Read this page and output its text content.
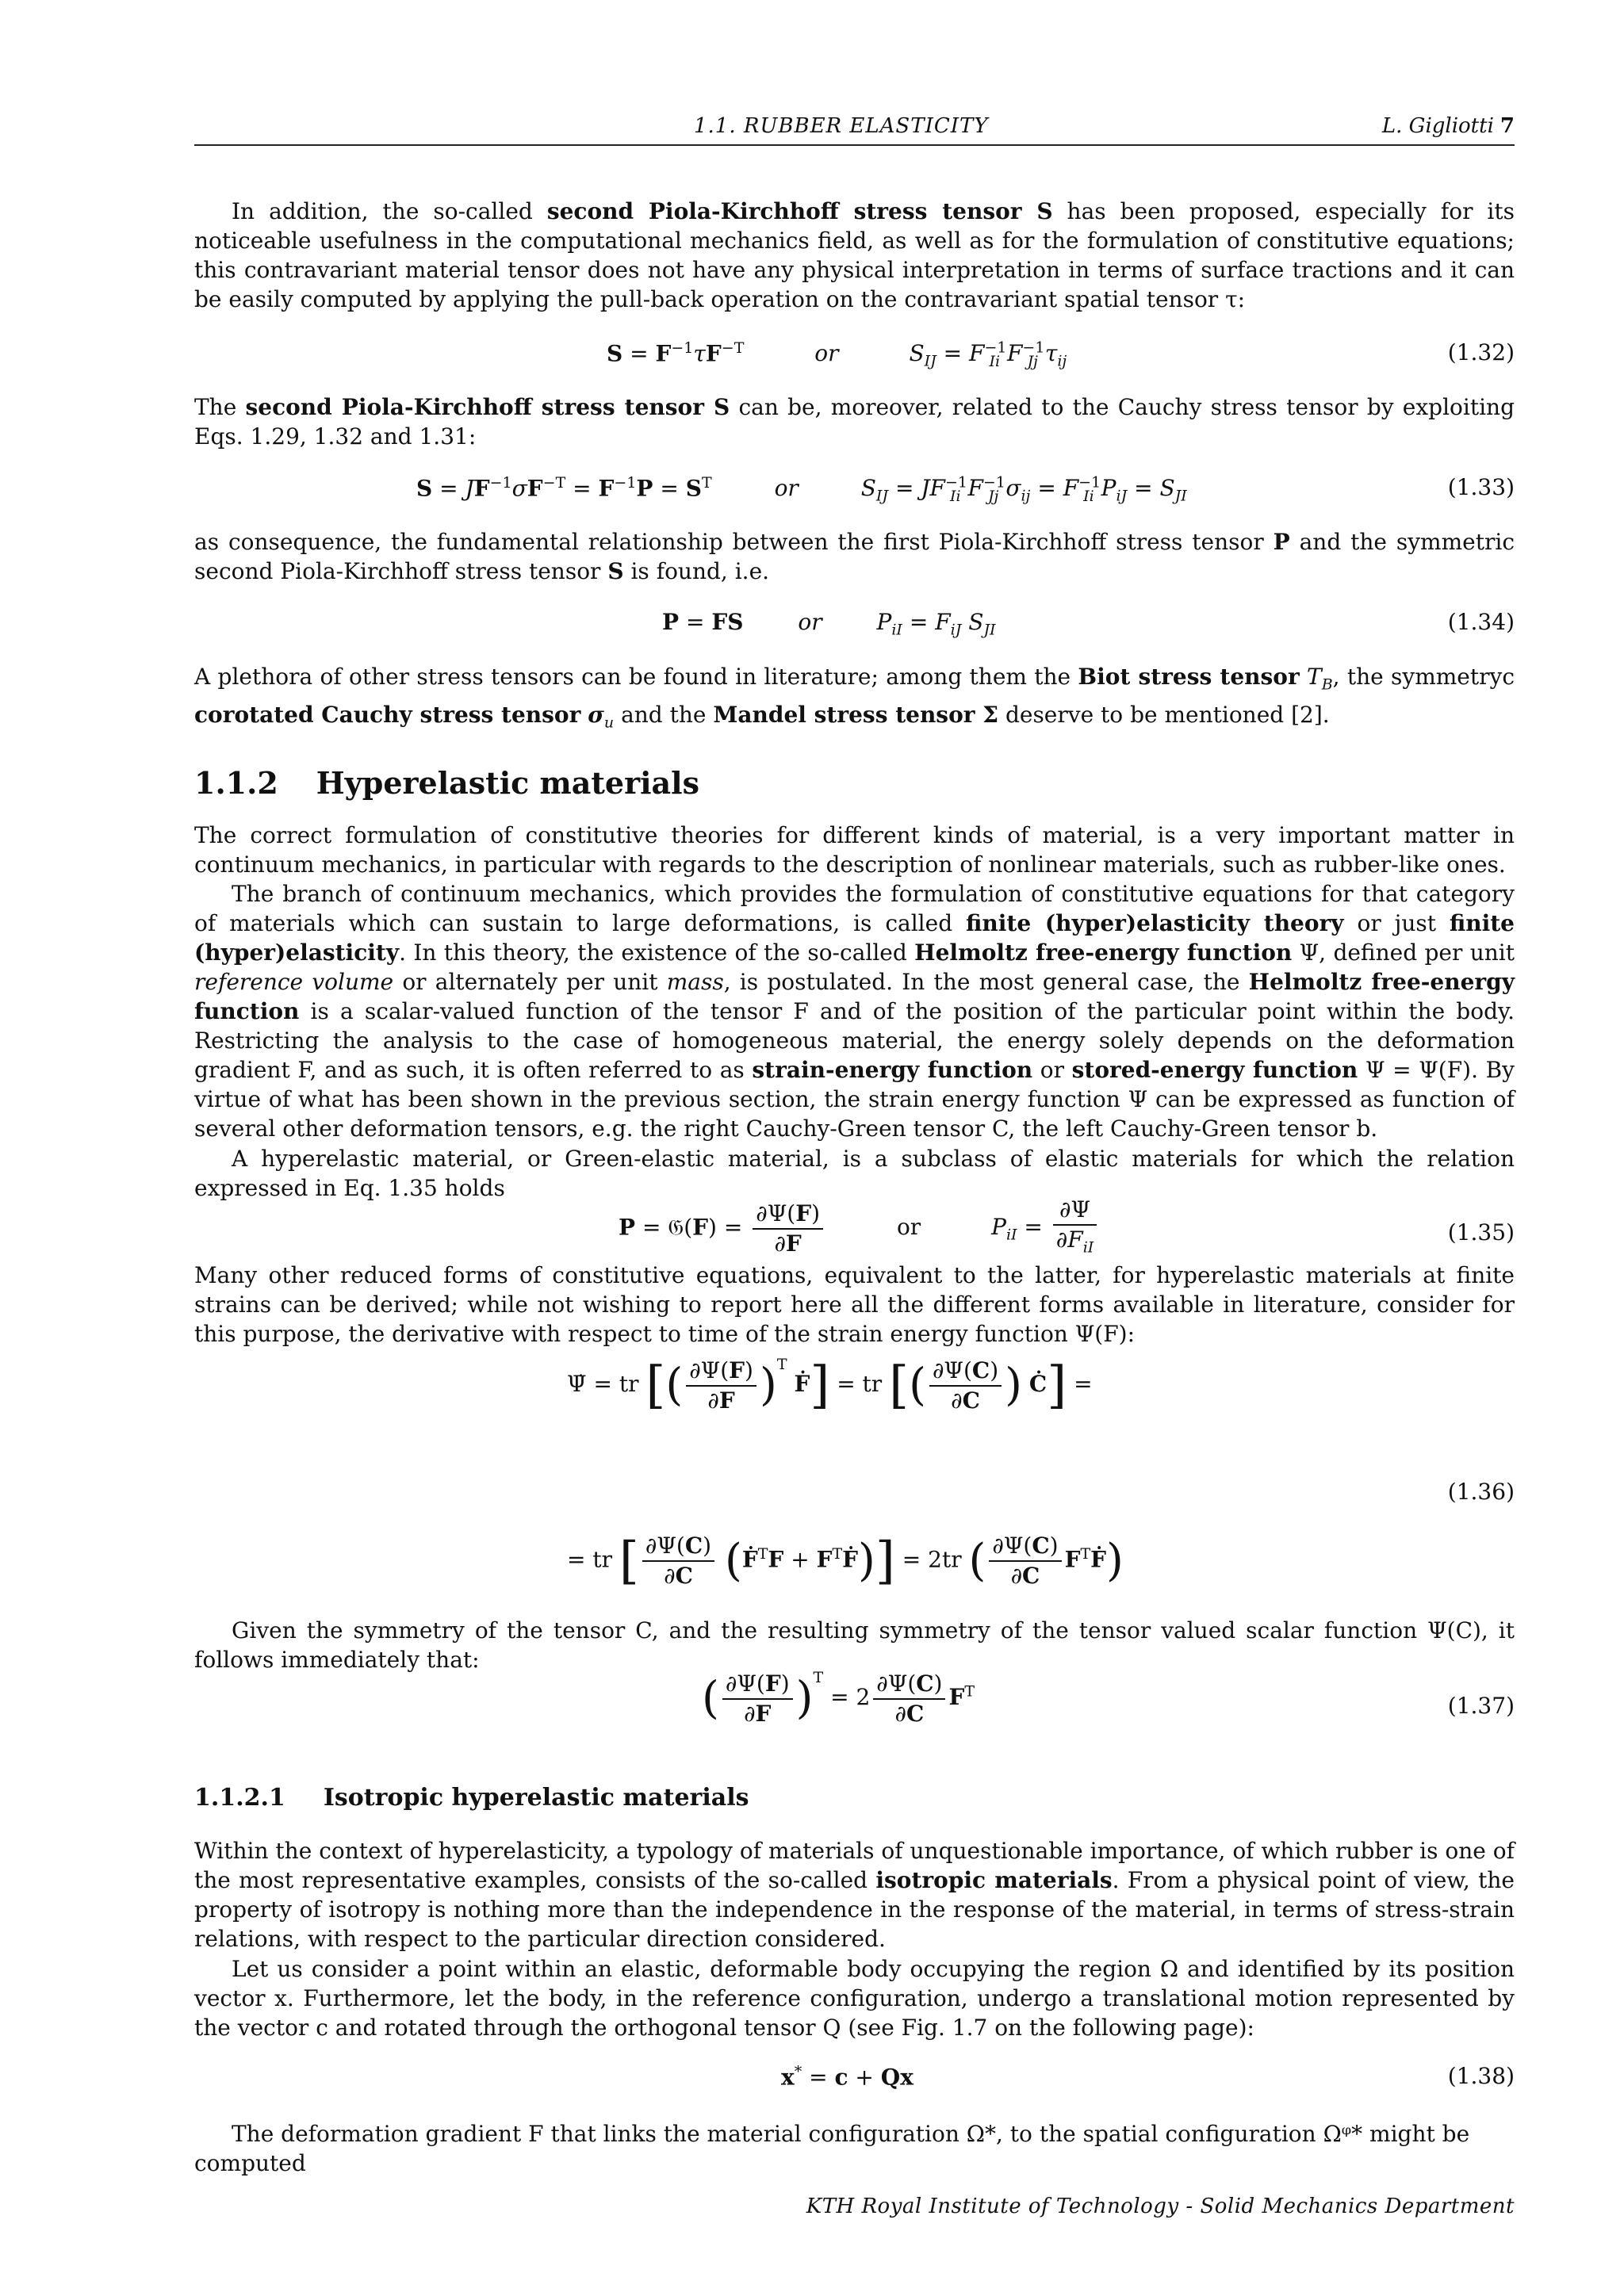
1.1. RUBBER ELASTICITY	L. Gigliotti 7
In addition, the so-called second Piola-Kirchhoff stress tensor S has been proposed, especially for its noticeable usefulness in the computational mechanics field, as well as for the formulation of constitutive equations; this contravariant material tensor does not have any physical interpretation in terms of surface tractions and it can be easily computed by applying the pull-back operation on the contravariant spatial tensor τ:
$S = F^{-1}\tau F^{-T}$	or	$S_{IJ} = F^{-1}_{Ii}$ $F^{-1}_{Jj}$ $\tau_{ij}$	(1.32)
The second Piola-Kirchhoff stress tensor S can be, moreover, related to the Cauchy stress tensor by exploiting Eqs. 1.29, 1.32 and 1.31:
$S = JF^{-1}\sigma F^{-T} = F^{-1}P = S^T$	or	$S_{IJ} = JF^{-1}_{Ii}$ $F^{-1}_{Jj}$ $\sigma_{ij} = F^{-1}_{Ii}$ $P_{iJ} = S_{JI}$	(1.33)
as consequence, the fundamental relationship between the first Piola-Kirchhoff stress tensor P and the symmetric second Piola-Kirchhoff stress tensor S is found, i.e.
P = FS or $P_{iI} = F_{iJ}$ $S_{JI}$	(1.34)
A plethora of other stress tensors can be found in literature; among them the Biot stress tensor $T_B$, the symmetryc corotated Cauchy stress tensor $\sigma_u$ and the Mandel stress tensor Σ deserve to be mentioned [2].
1.1.2 Hyperelastic materials
The correct formulation of constitutive theories for different kinds of material, is a very important matter in continuum mechanics, in particular with regards to the description of nonlinear materials, such as rubber-like ones.
The branch of continuum mechanics, which provides the formulation of constitutive equations for that category of materials which can sustain to large deformations, is called finite (hyper)elasticity theory or just finite (hyper)elasticity. In this theory, the existence of the so-called Helmoltz free-energy function Ψ, defined per unit reference volume or alternately per unit mass, is postulated. In the most general case, the Helmoltz free-energy function is a scalar-valued function of the tensor F and of the position of the particular point within the body. Restricting the analysis to the case of homogeneous material, the energy solely depends on the deformation gradient F, and as such, it is often referred to as strain-energy function or stored-energy function Ψ = Ψ(F). By virtue of what has been shown in the previous section, the strain energy function Ψ can be expressed as function of several other deformation tensors, e.g. the right Cauchy-Green tensor C, the left Cauchy-Green tensor b.
A hyperelastic material, or Green-elastic material, is a subclass of elastic materials for which the relation expressed in Eq. 1.35 holds
P = 𝔊(F) = $\frac{\partial\Psi(F)}{\partial F}$	or	$P_{iI} = \frac{\partial\Psi}{\partial F_{iI}}$	(1.35)
Many other reduced forms of constitutive equations, equivalent to the latter, for hyperelastic materials at finite strains can be derived; while not wishing to report here all the different forms available in literature, consider for this purpose, the derivative with respect to time of the strain energy function Ψ(F):
Ψ̇ = tr [( $\frac{\partial\Psi(F)}{\partial F} )^T$ Ḟ] = tr [( $\frac{\partial\Psi(C)}{\partial C}$ ) Ċ] =
(1.36)
= tr [ $\frac{\partial\Psi(C)}{\partial C}$ (Ḟ$^T$F + $F^TḞ)] = 2tr$ ( $\frac{\partial\Psi(C)}{\partial C}$ $F^TḞ$)
Given the symmetry of the tensor C, and the resulting symmetry of the tensor valued scalar function Ψ(C), it follows immediately that:
( $\frac{\partial\Psi(F)}{\partial F} )^T = 2 \frac{\partial\Psi(C)}{\partial C} F^T$
(1.37)
1.1.2.1 Isotropic hyperelastic materials
Within the context of hyperelasticity, a typology of materials of unquestionable importance, of which rubber is one of the most representative examples, consists of the so-called isotropic materials. From a physical point of view, the property of isotropy is nothing more than the independence in the response of the material, in terms of stress-strain relations, with respect to the particular direction considered.
Let us consider a point within an elastic, deformable body occupying the region Ω and identified by its position vector x. Furthermore, let the body, in the reference configuration, undergo a translational motion represented by the vector c and rotated through the orthogonal tensor Q (see Fig. 1.7 on the following page):
x* = c + Qx	(1.38)
The deformation gradient F that links the material configuration Ω*, to the spatial configuration Ωᵠ* might be computed
KTH Royal Institute of Technology - Solid Mechanics Department
